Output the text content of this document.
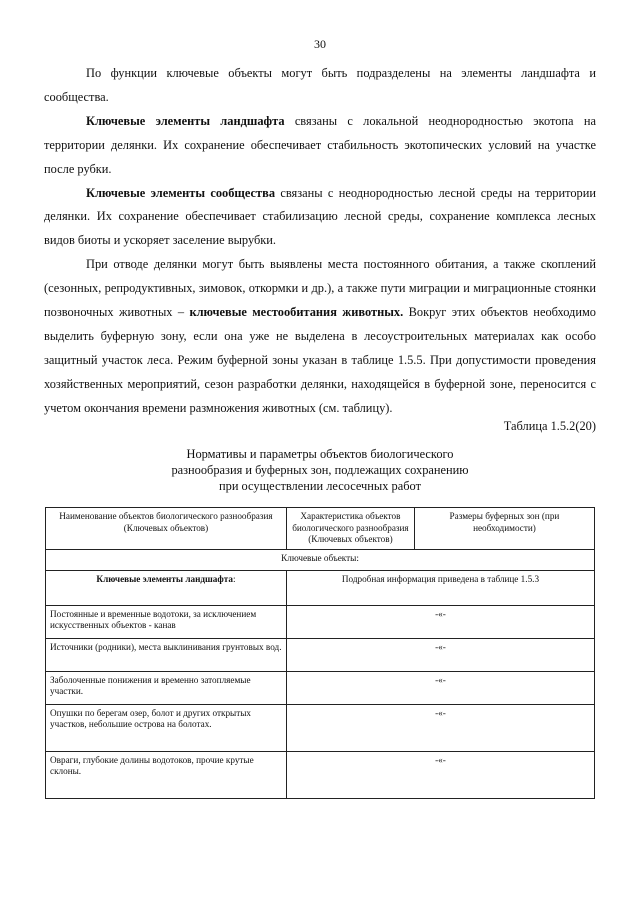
30

По функции ключевые объекты могут быть подразделены на элементы ландшафта и сообщества.

Ключевые элементы ландшафта связаны с локальной неоднородностью экотопа на территории делянки. Их сохранение обеспечивает стабильность экотопических условий на участке после рубки.

Ключевые элементы сообщества связаны с неоднородностью лесной среды на территории делянки. Их сохранение обеспечивает стабилизацию лесной среды, сохранение комплекса лесных видов биоты и ускоряет заселение вырубки.

При отводе делянки могут быть выявлены места постоянного обитания, а также скоплений (сезонных, репродуктивных, зимовок, откормки и др.), а также пути миграции и миграционные стоянки позвоночных животных – ключевые местообитания животных. Вокруг этих объектов необходимо выделить буферную зону, если она уже не выделена в лесоустроительных материалах как особо защитный участок леса. Режим буферной зоны указан в таблице 1.5.5. При допустимости проведения хозяйственных мероприятий, сезон разработки делянки, находящейся в буферной зоне, переносится с учетом окончания времени размножения животных (см. таблицу).

Таблица 1.5.2(20)
Нормативы и параметры объектов биологического
разнообразия и буферных зон, подлежащих сохранению
при осуществлении лесосечных работ
Наименование объектов биологического разнообразия (Ключевых объектов)	Характеристика объектов биологического разнообразия (Ключевых объектов)	Размеры буферных зон (при необходимости)
Ключевые объекты:		
Ключевые элементы ландшафта:	Подробная информация приведена в таблице 1.5.3	
Постоянные и временные водотоки, за исключением искусственных объектов - канав	-«-	
Источники (родники), места выклинивания грунтовых вод.	-«-	
Заболоченные понижения и временно затопляемые участки.	-«-	
Опушки по берегам озер, болот и других открытых участков, небольшие острова на болотах.	-«-	
Овраги, глубокие долины водотоков, прочие крутые склоны.	-«-	
